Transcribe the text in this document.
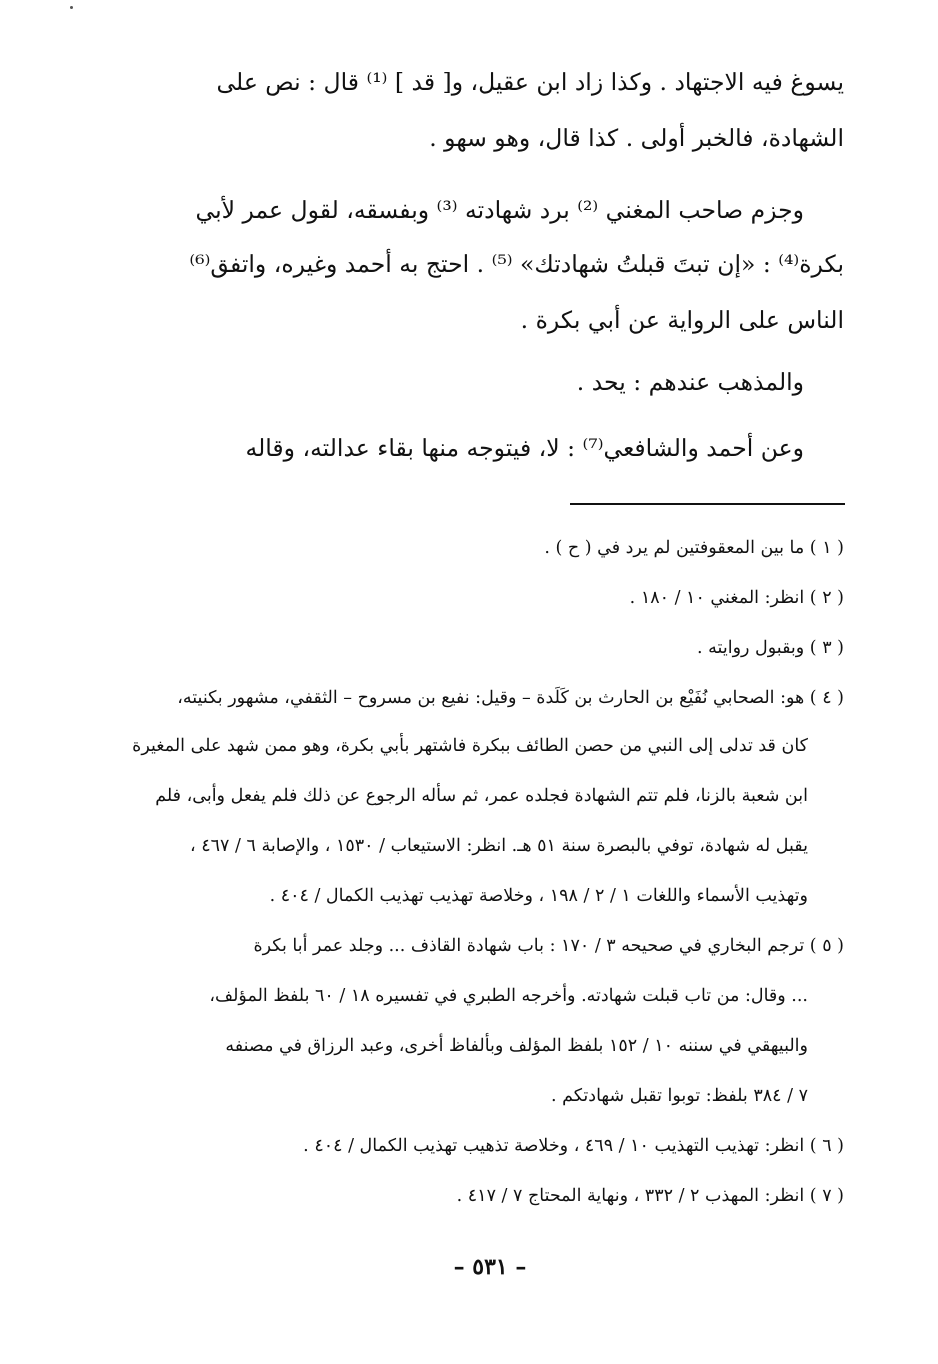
يسوغ فيه الاجتهاد . وكذا زاد ابن عقيل، و[ قد ] ⁽¹⁾ قال : نص على
الشهادة، فالخبر أولى . كذا قال، وهو سهو .
وجزم صاحب المغني ⁽²⁾ برد شهادته ⁽³⁾ وبفسقه، لقول عمر لأبي
بكرة⁽⁴⁾ : «إن تبتَ قبلتُ شهادتك» ⁽⁵⁾ . احتج به أحمد وغيره، واتفق⁽⁶⁾
الناس على الرواية عن أبي بكرة .
والمذهب عندهم : يحد .
وعن أحمد والشافعي⁽⁷⁾ : لا، فيتوجه منها بقاء عدالته، وقاله
( ١ ) ما بين المعقوفتين لم يرد في ( ح ) .
( ٢ ) انظر: المغني ١٠ / ١٨٠ .
( ٣ ) وبقبول روايته .
( ٤ ) هو: الصحابي نُفَيْع بن الحارث بن كَلَدة – وقيل: نفيع بن مسروح – الثقفي، مشهور بكنيته،
كان قد تدلى إلى النبي من حصن الطائف ببكرة فاشتهر بأبي بكرة، وهو ممن شهد على المغيرة
ابن شعبة بالزنا، فلم تتم الشهادة فجلده عمر، ثم سأله الرجوع عن ذلك فلم يفعل وأبى، فلم
يقبل له شهادة، توفي بالبصرة سنة ٥١ هـ. انظر: الاستيعاب / ١٥٣٠ ، والإصابة ٦ / ٤٦٧ ،
وتهذيب الأسماء واللغات ١ / ٢ / ١٩٨ ، وخلاصة تهذيب تهذيب الكمال / ٤٠٤ .
( ٥ ) ترجم البخاري في صحيحه ٣ / ١٧٠ : باب شهادة القاذف ... وجلد عمر أبا بكرة
... وقال: من تاب قبلت شهادته. وأخرجه الطبري في تفسيره ١٨ / ٦٠ بلفظ المؤلف،
والبيهقي في سننه ١٠ / ١٥٢ بلفظ المؤلف وبألفاظ أخرى، وعبد الرزاق في مصنفه
٧ / ٣٨٤ بلفظ: توبوا تقبل شهادتكم .
( ٦ ) انظر: تهذيب التهذيب ١٠ / ٤٦٩ ، وخلاصة تذهيب تهذيب الكمال / ٤٠٤ .
( ٧ ) انظر: المهذب ٢ / ٣٣٢ ، ونهاية المحتاج ٧ / ٤١٧ .
– ٥٣١ –
